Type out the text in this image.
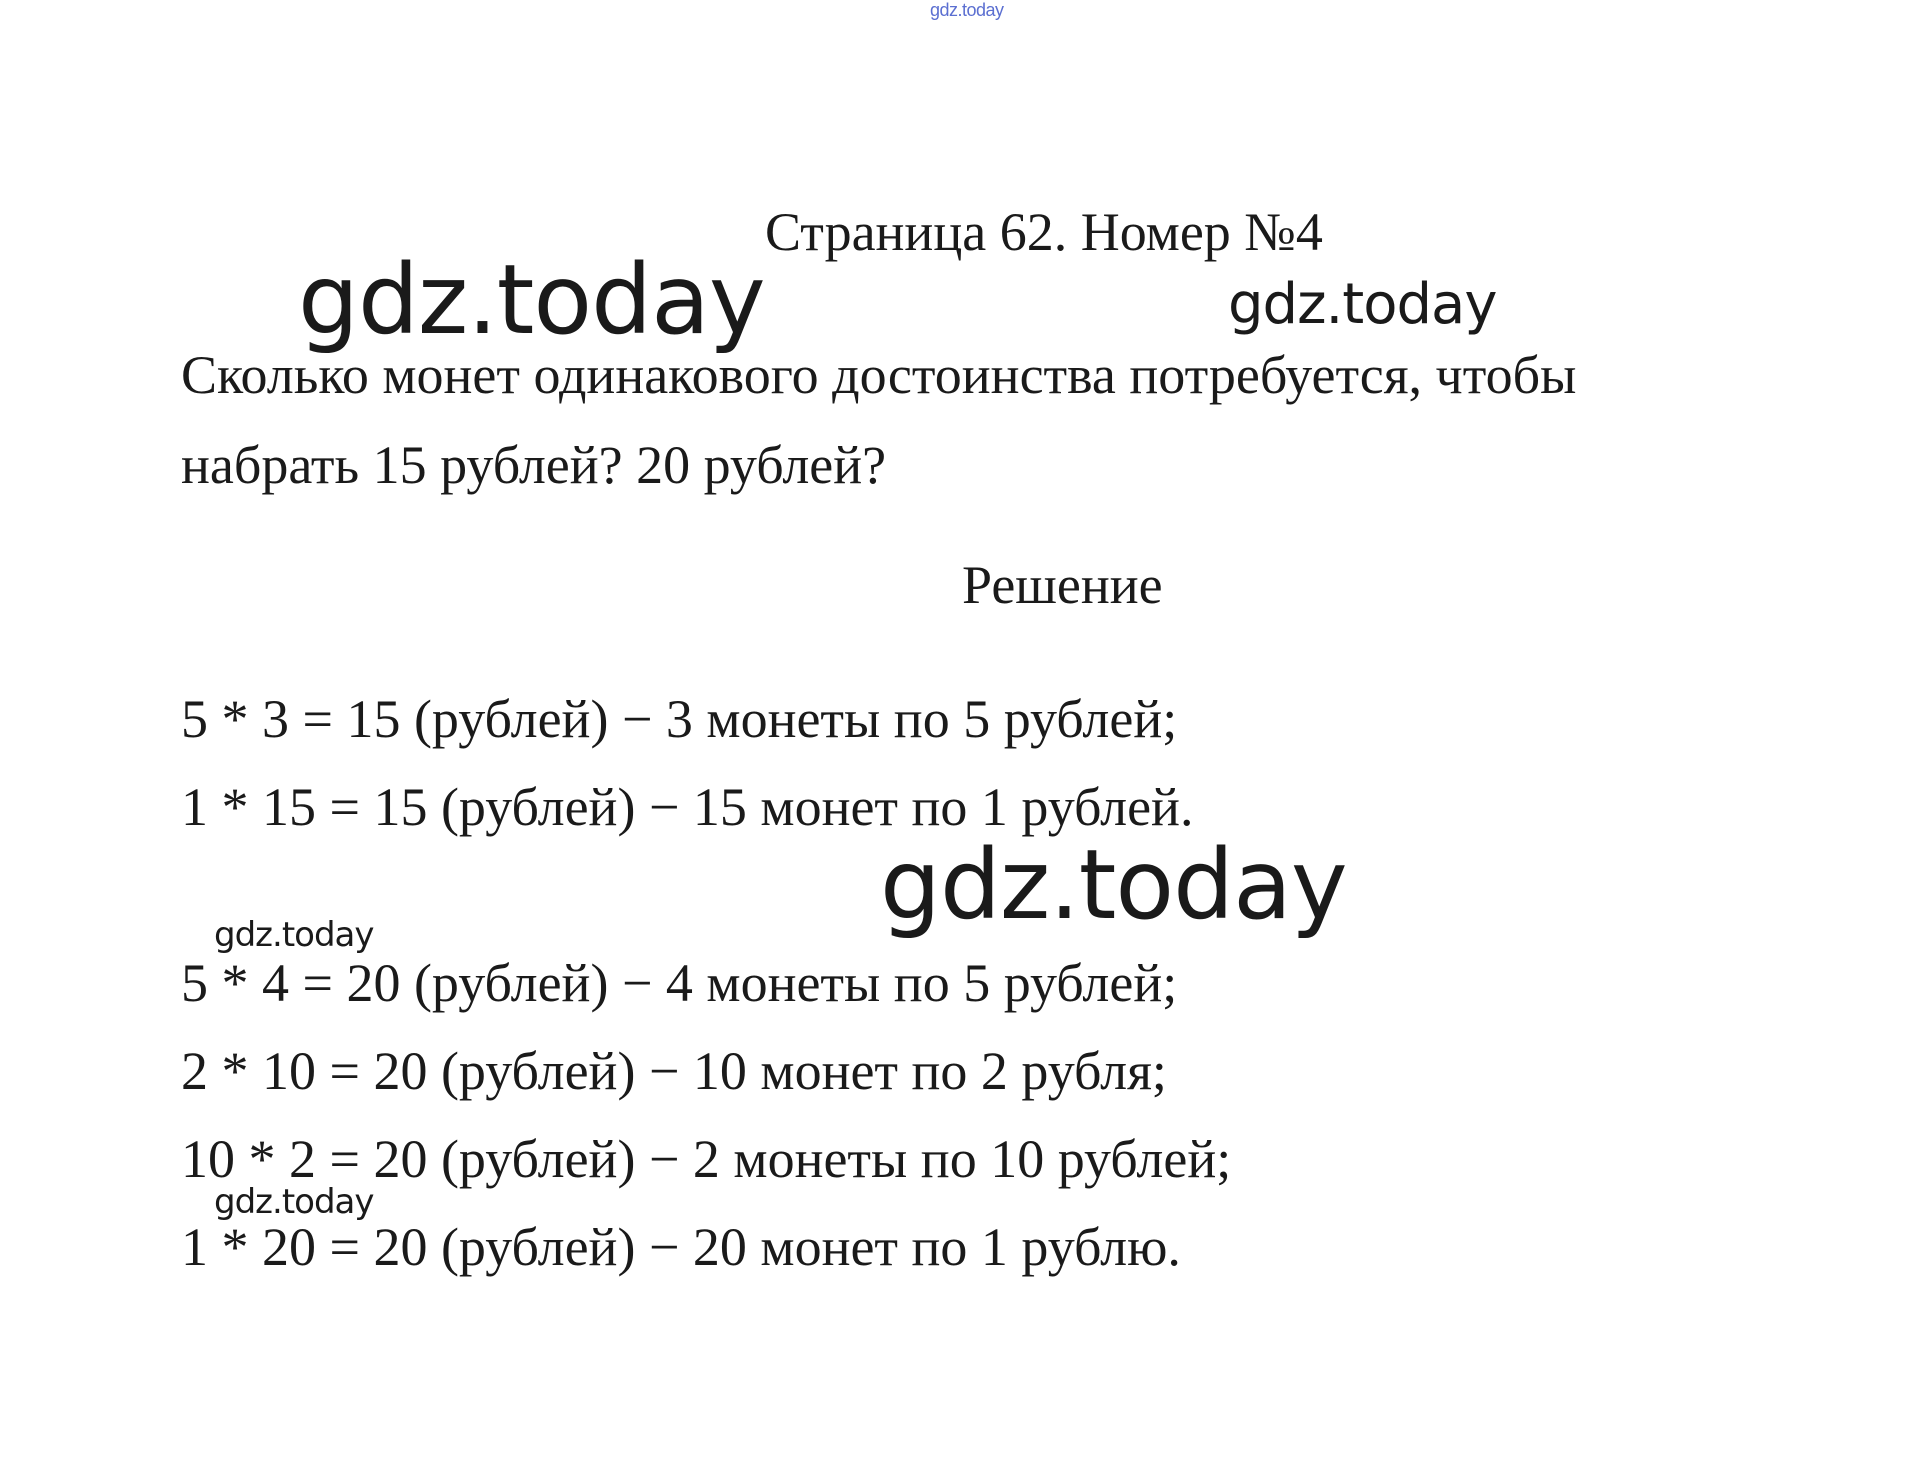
gdz.today
Страница 62. Номер №4
Сколько монет одинакового достоинства потребуется, чтобы
набрать 15 рублей? 20 рублей?
Решение
5 * 3 = 15 (рублей) − 3 монеты по 5 рублей;
1 * 15 = 15 (рублей) − 15 монет по 1 рублей.
5 * 4 = 20 (рублей) − 4 монеты по 5 рублей;
2 * 10 = 20 (рублей) − 10 монет по 2 рубля;
10 * 2 = 20 (рублей) − 2 монеты по 10 рублей;
1 * 20 = 20 (рублей) − 20 монет по 1 рублю.
gdz.today	gdz.today
gdz.today
gdz.today
gdz.today
